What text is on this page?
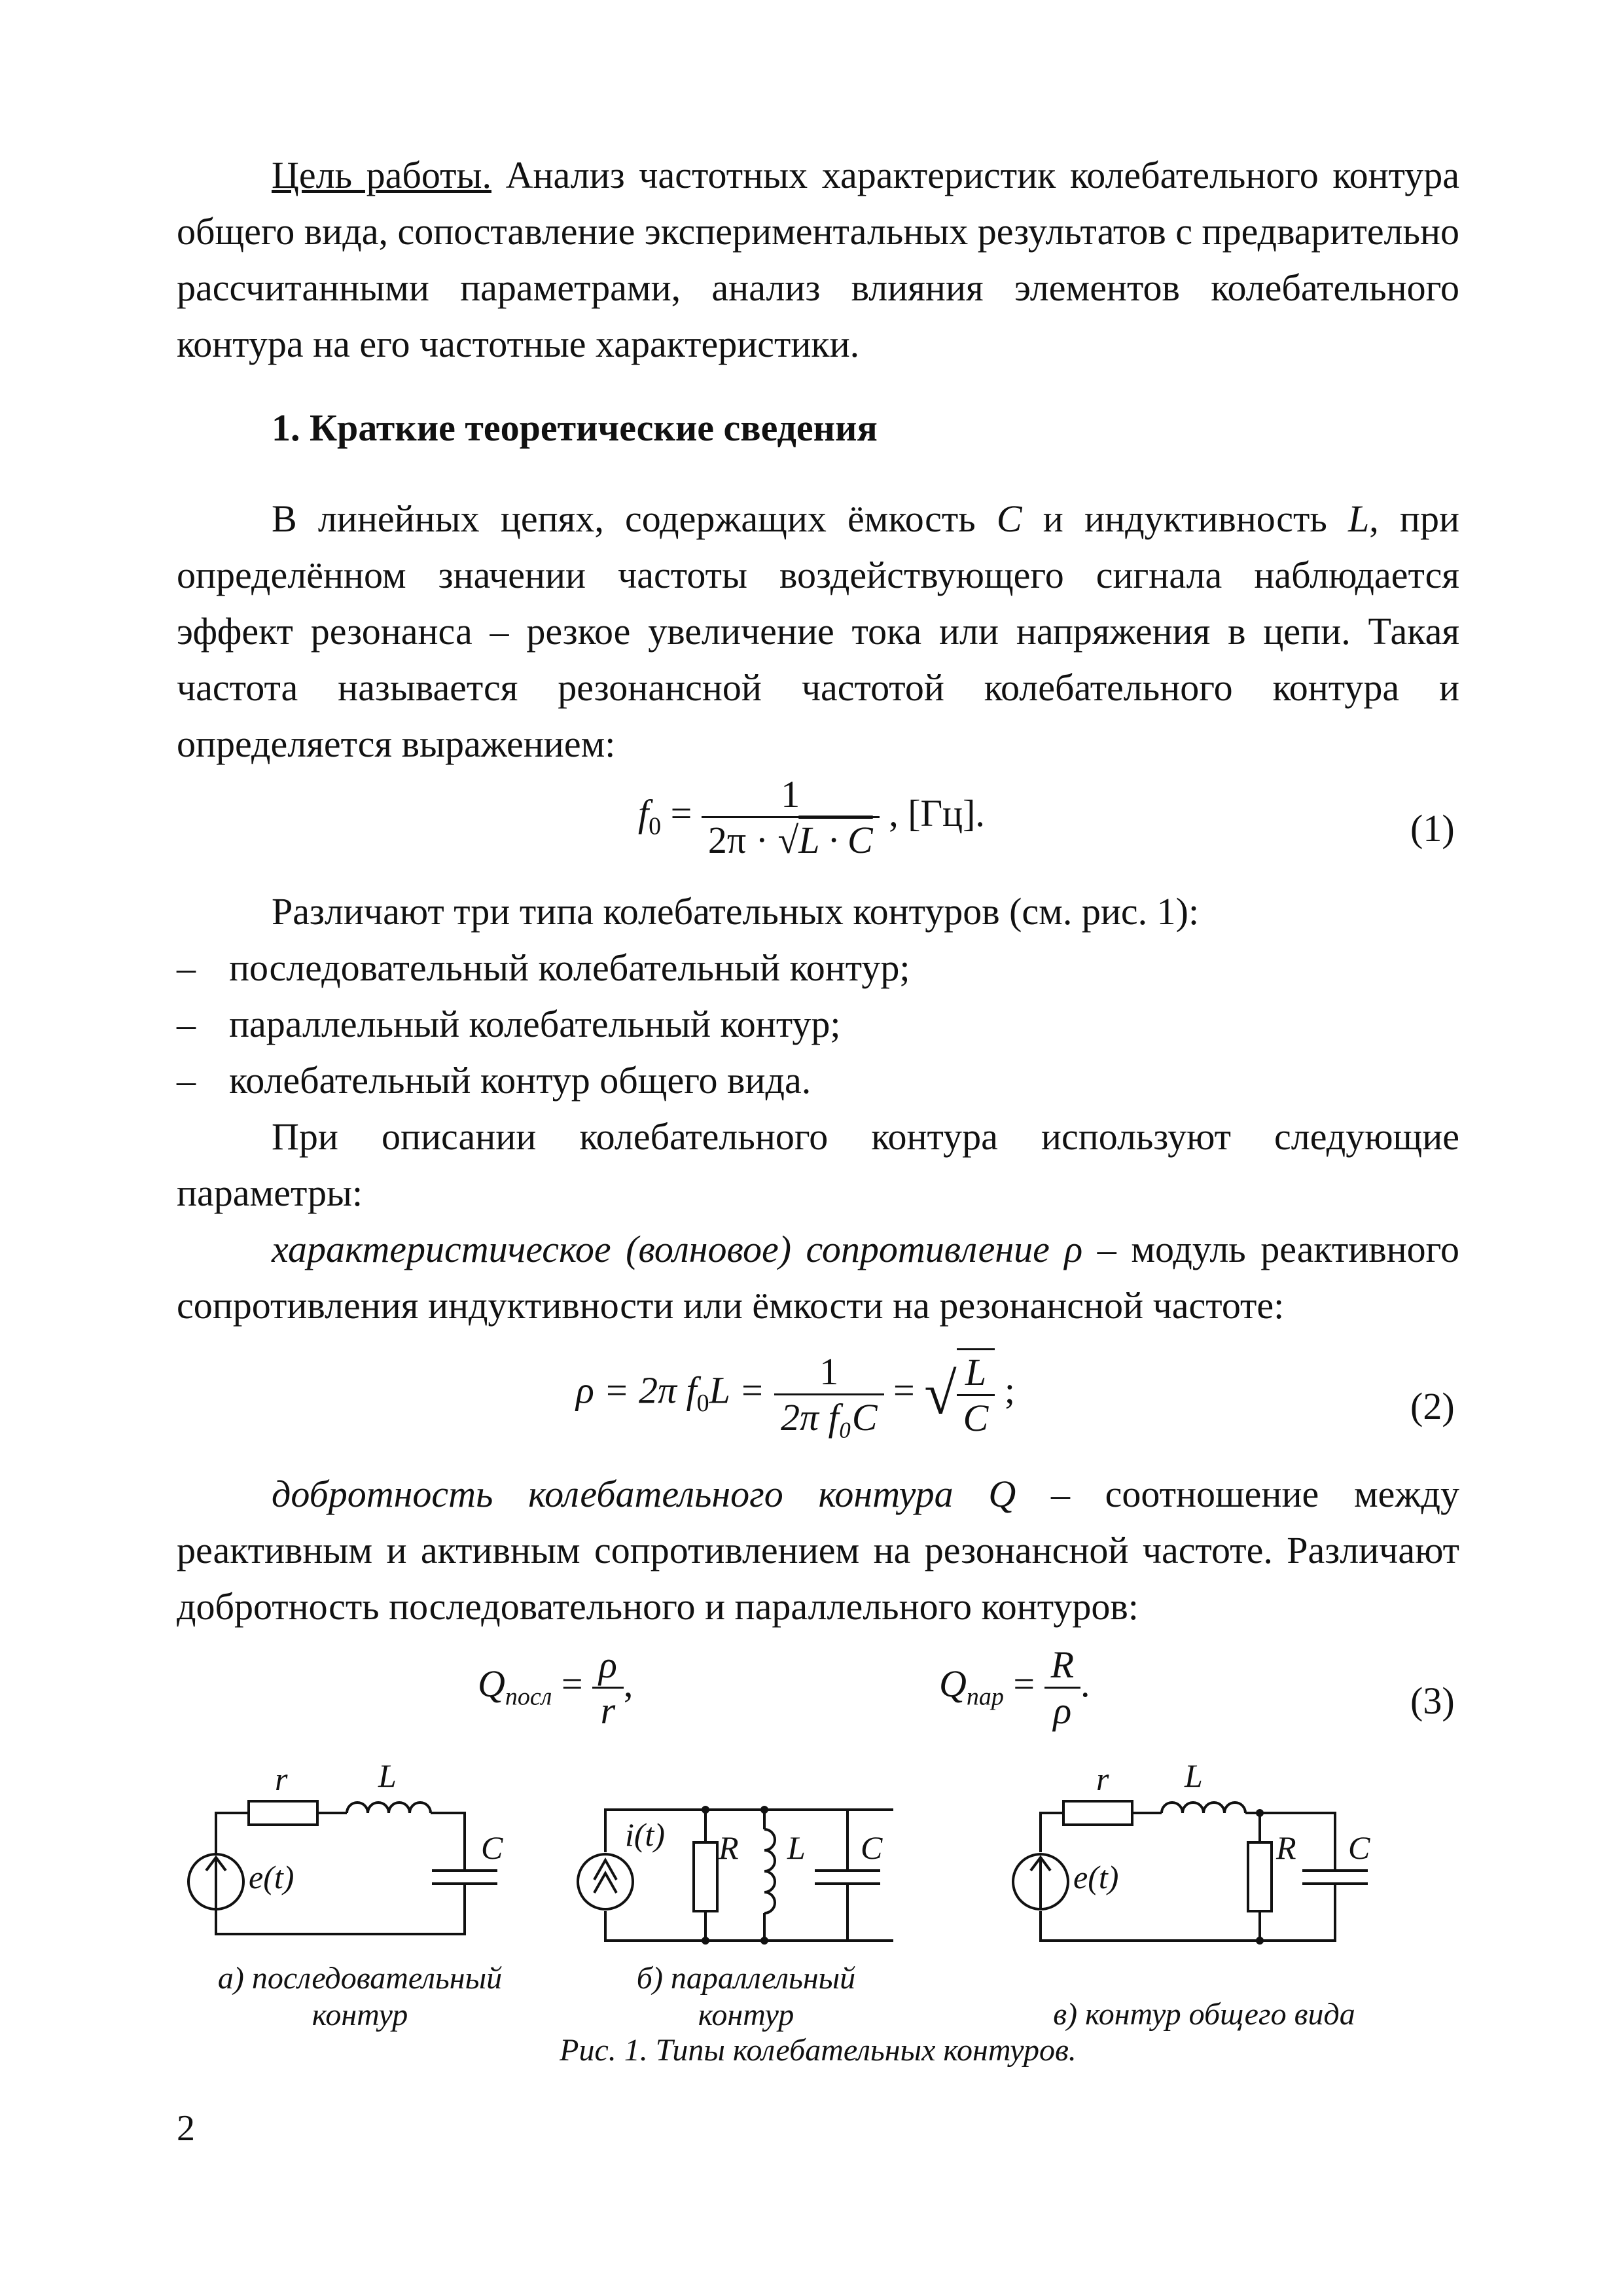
Цель работы. Анализ частотных характеристик колебательного контура общего вида, сопоставление экспериментальных результатов с предварительно рассчитанными параметрами, анализ влияния элементов колебательного контура на его частотные характеристики.
1. Краткие теоретические сведения
В линейных цепях, содержащих ёмкость C и индуктивность L, при определённом значении частоты воздействующего сигнала наблюдается эффект резонанса – резкое увеличение тока или напряжения в цепи. Такая частота называется резонансной частотой колебательного контура и определяется выражением:
$f_0 = \frac{1}{2\pi \cdot √L \cdot C}$ , [Гц].	(1)
Различают три типа колебательных контуров (см. рис. 1):
– последовательный колебательный контур;
– параллельный колебательный контур;
– колебательный контур общего вида.
При описании колебательного контура используют следующие параметры:
характеристическое (волновое) сопротивление ρ – модуль реактивного сопротивления индуктивности или ёмкости на резонансной частоте:
ρ = 2π $f_0L = \frac{1}{\text{2π f₀C}}$ = √ $\frac{L}{C}$ ;	(2)
добротность колебательного контура Q – соотношение между реактивным и активным сопротивлением на резонансной частоте. Различают добротность последовательного и параллельного контуров:
$Q_{посл} = \frac{\rho}{r}$ ,	$Q_{пар} = \frac{R}{\rho}$ .	(3)
r	L
C
e(t)
i(t) R L C
r L
R C
e(t)
а) последовательный контур
б) параллельный контур	в) контур общего вида
Рис. 1. Типы колебательных контуров.
2
